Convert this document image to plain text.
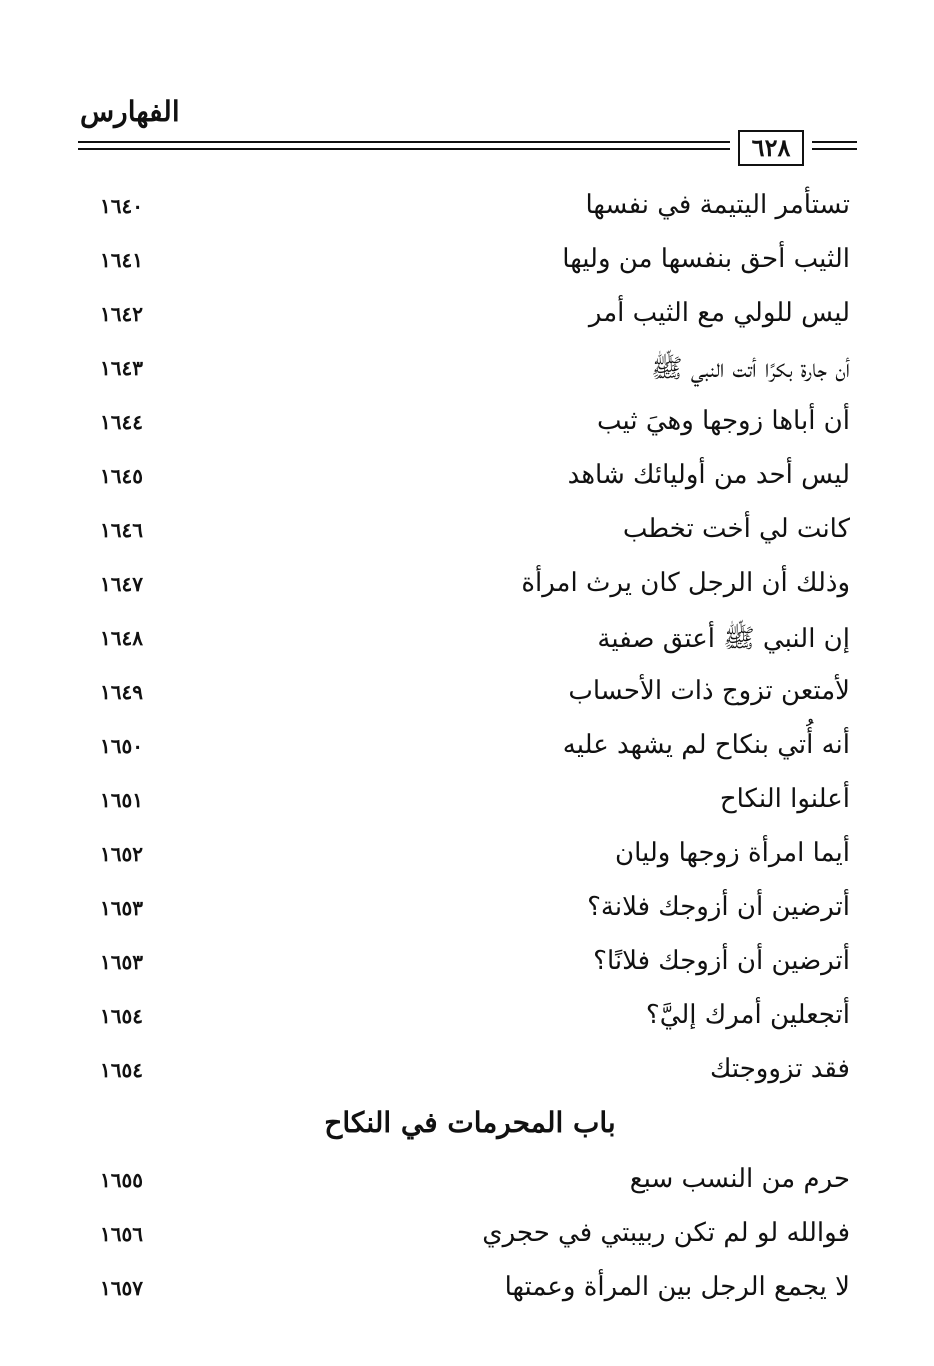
الفهارس
٦٢٨
تستأمر اليتيمة في نفسها
١٦٤٠
الثيب أحق بنفسها من وليها
١٦٤١
ليس للولي مع الثيب أمر
١٦٤٢
أن جارة بكرًا أتت النبي ﷺ
١٦٤٣
أن أباها زوجها وهيَ ثيب
١٦٤٤
ليس أحد من أوليائك شاهد
١٦٤٥
كانت لي أخت تخطب
١٦٤٦
وذلك أن الرجل كان يرث امرأة
١٦٤٧
إن النبي ﷺ أعتق صفية
١٦٤٨
لأمتعن تزوج ذات الأحساب
١٦٤٩
أنه أُتي بنكاح لم يشهد عليه
١٦٥٠
أعلنوا النكاح
١٦٥١
أيما امرأة زوجها وليان
١٦٥٢
أترضين أن أزوجك فلانة؟
١٦٥٣
أترضين أن أزوجك فلانًا؟
١٦٥٣
أتجعلين أمرك إليَّ؟
١٦٥٤
فقد تزووجتك
١٦٥٤
باب المحرمات في النكاح
حرم من النسب سبع
١٦٥٥
فوالله لو لم تكن ربيبتي في حجري
١٦٥٦
لا يجمع الرجل بين المرأة وعمتها
١٦٥٧
